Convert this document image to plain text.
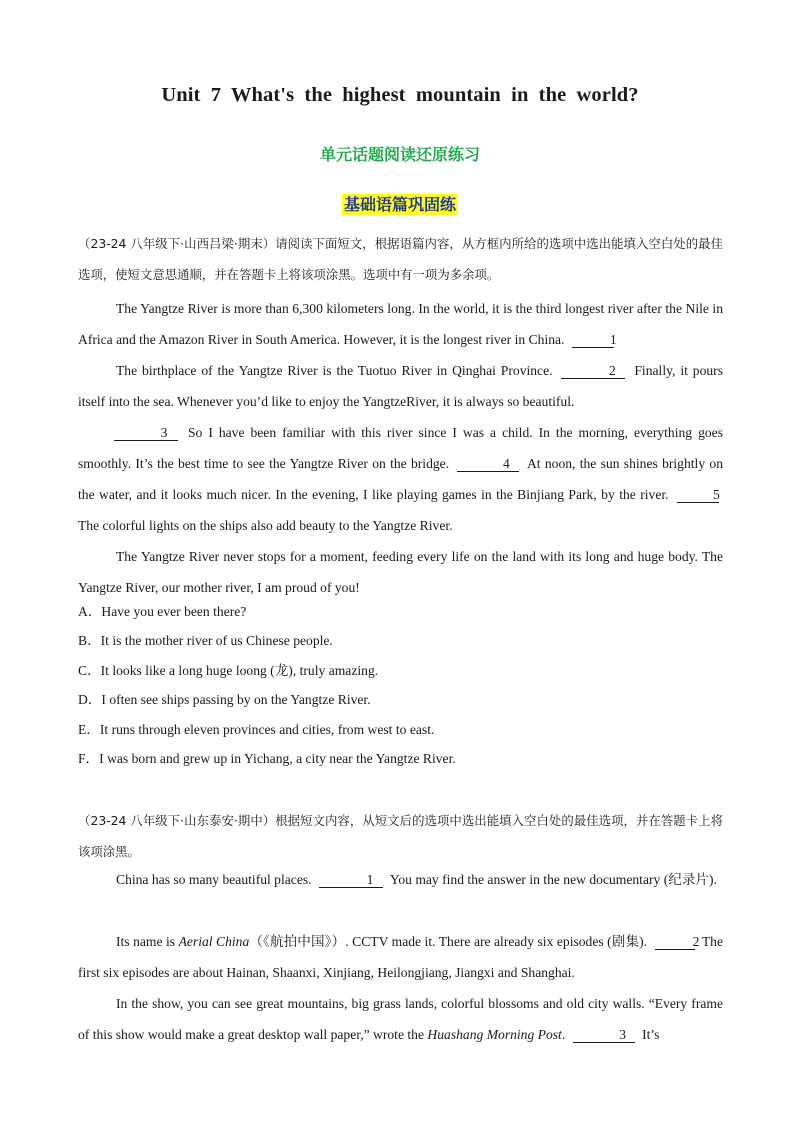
Unit 7 What's the highest mountain in the world?
单元话题阅读还原练习
基础语篇巩固练

（23-24 八年级下·山西吕梁·期末）请阅读下面短文，根据语篇内容，从方框内所给的选项中选出能填入空白处的最佳选项，使短文意思通顺，并在答题卡上将该项涂黑。选项中有一项为多余项。

The Yangtze River is more than 6,300 kilometers long. In the world, it is the third longest river after the Nile in Africa and the Amazon River in South America. However, it is the longest river in China.	1

The birthplace of the Yangtze River is the Tuotuo River in Qinghai Province.	2 Finally, it pours itself into the sea. Whenever you’d like to enjoy the YangtzeRiver, it is always so beautiful.

3 So I have been familiar with this river since I was a child. In the morning, everything goes smoothly. It’s the best time to see the Yangtze River on the bridge.	4 At noon, the sun shines brightly on the water, and it looks much nicer. In the evening, I like playing games in the Binjiang Park, by the river.	5 The colorful lights on the ships also add beauty to the Yangtze River.

The Yangtze River never stops for a moment, feeding every life on the land with its long and huge body. The Yangtze River, our mother river, I am proud of you!

A．Have you ever been there?

B．It is the mother river of us Chinese people.

C．It looks like a long huge loong (龙), truly amazing.

D．I often see ships passing by on the Yangtze River.

E．It runs through eleven provinces and cities, from west to east.

F．I was born and grew up in Yichang, a city near the Yangtze River.

（23-24 八年级下·山东泰安·期中）根据短文内容，从短文后的选项中选出能填入空白处的最佳选项，并在答题卡上将该项涂黑。

China has so many beautiful places.	1 You may find the answer in the new documentary (纪录片).

Its name is Aerial China（《航拍中国》）. CCTV made it. There are already six episodes (剧集).	2 The first six episodes are about Hainan, Shaanxi, Xinjiang, Heilongjiang, Jiangxi and Shanghai.

In the show, you can see great mountains, big grass lands, colorful blossoms and old city walls. “Every frame of this show would make a great desktop wall paper,” wrote the Huashang Morning Post.	3 It’s
